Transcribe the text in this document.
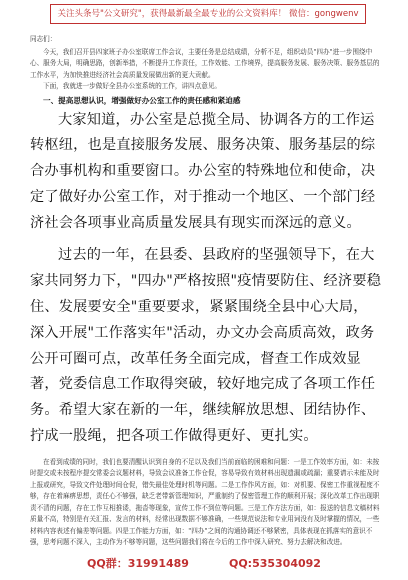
关注头条号"公文研究"，获得最新最全最专业的公文资料库！ 微信：gongwenv

同志们：

今天，我们召开县四家班子办公室联席工作会议，主要任务是总结成绩，分析不足，组织动员"四办"进一步围绕中心、服务大局，明确思路，创新举措，不断提升工作责任，工作效能、工作境界，提高服务发展、服务决策、服务基层的工作水平，为加快推进经济社会高质量发展做出新的更大贡献。

下面，我就进一步做好全县办公室系统的工作，讲四点意见。

一、提高思想认识，增强做好办公室工作的责任感和紧迫感

大家知道，办公室是总揽全局、协调各方的工作运转枢纽，也是直接服务发展、服务决策、服务基层的综合办事机构和重要窗口。办公室的特殊地位和使命，决定了做好办公室工作，对于推动一个地区、一个部门经济社会各项事业高质量发展具有现实而深远的意义。

过去的一年，在县委、县政府的坚强领导下，在大家共同努力下，"四办"严格按照"疫情要防住、经济要稳住、发展要安全"重要要求，紧紧围绕全县中心大局，深入开展"工作落实年"活动，办文办会高质高效，政务公开可圈可点，改革任务全面完成，督查工作成效显著，党委信息工作取得突破，较好地完成了各项工作任务。希望大家在新的一年，继续解放思想、团结协作、拧成一股绳，把各项工作做得更好、更扎实。

在看到成绩的同时，我们也要清醒认识到自身的不足以及我们当前面临的困难和问题：一是工作效率方面，如：未按时提交或未按程序提交常委会议题材料，导致会议准备工作仓促，容易导致有效材料出现遗漏或疏漏；重要请示未能及时上报或研究，导致文件处理时间仓促，错失最佳处理时机等问题。二是工作作风方面，如：对机要、保密工作重视程度不够，存在着麻痹思想，责任心不够强，缺乏老带新管理知识，严重制约了保密管理工作的顺利开展；深化改革工作出现职责不清的问题，存在工作互相推诿，拖沓等现象，宣传工作不到位等问题。三是工作方法方面，如：报送的信息文稿材料质量不高，特别是有关汇报、发言的材料，经常出现数据不够准确，一些规范说法和专业用词没有及时掌握的情况，一些材料内容表述有偏差等问题。四是工作能力方面，如："四办"之间的沟通协调还不够紧密，具体表现在抓落实的意识不强，思考问题不深入，主动作为不够等问题，这些问题我们将在今后的工作中深入研究、努力去解决和改进。

QQ群：31991489	QQ:535304092
